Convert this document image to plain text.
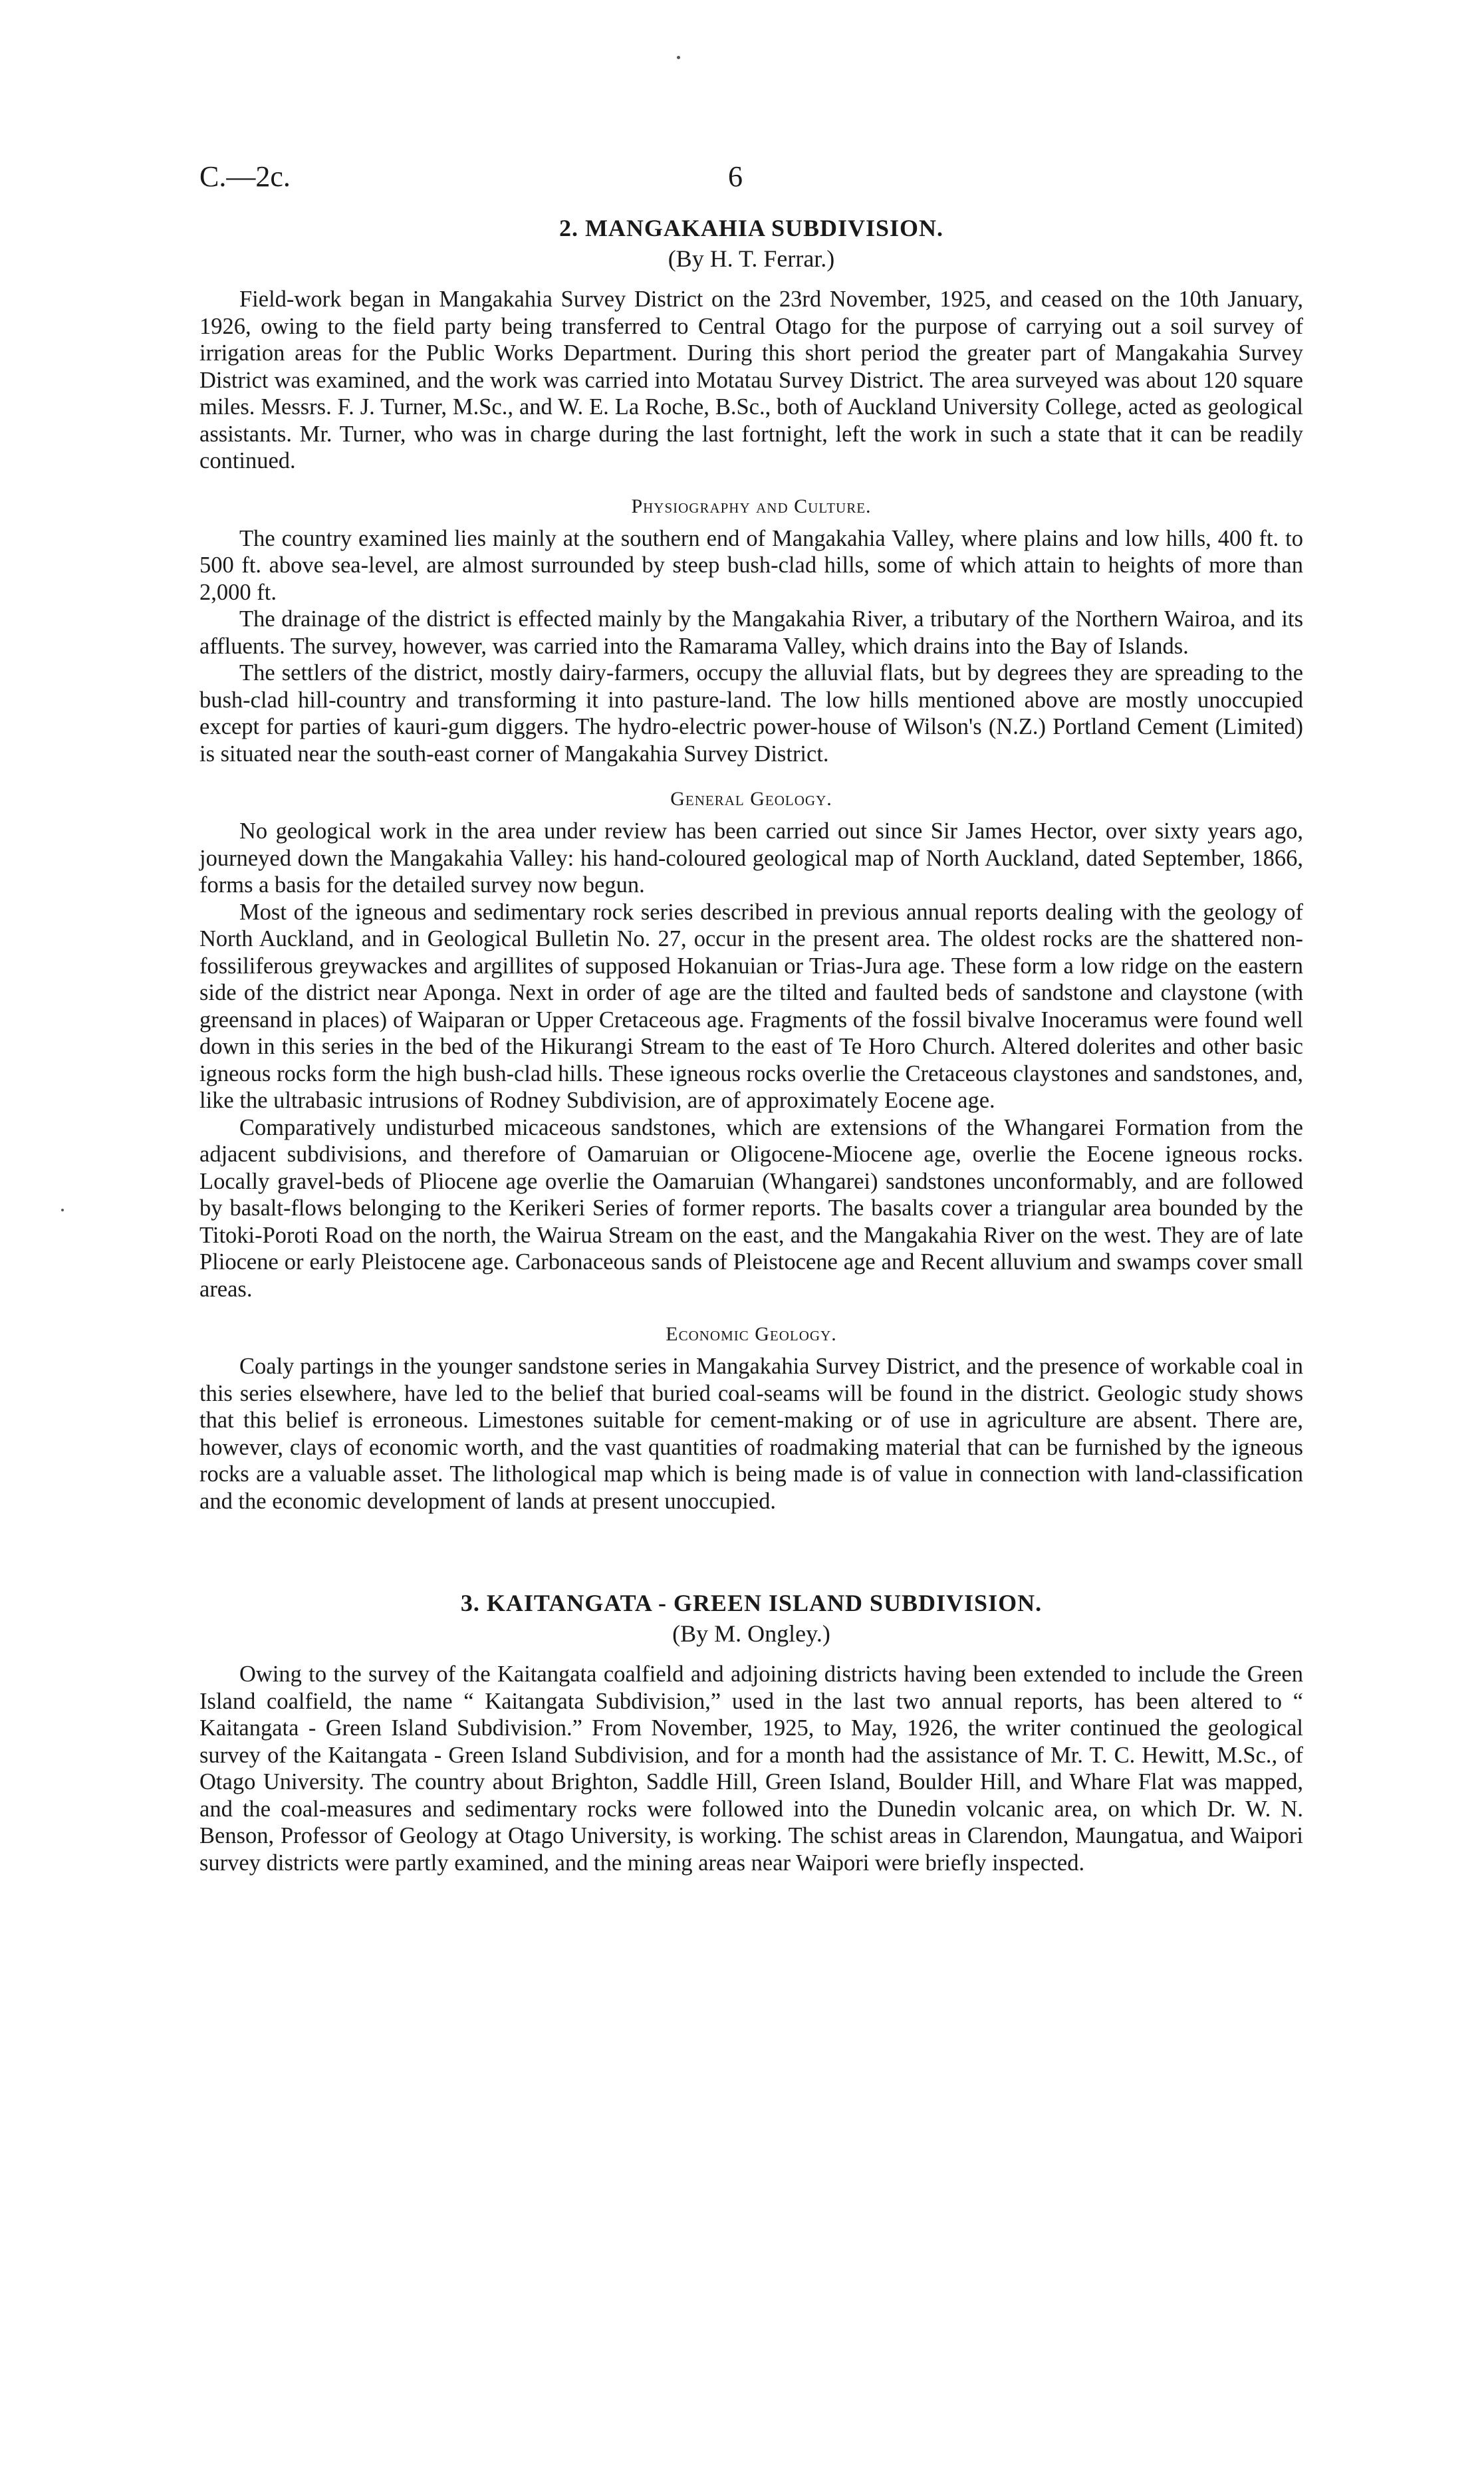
C.—2c.	6
2. MANGAKAHIA SUBDIVISION.
(By H. T. Ferrar.)

Field-work began in Mangakahia Survey District on the 23rd November, 1925, and ceased on the 10th January, 1926, owing to the field party being transferred to Central Otago for the purpose of carrying out a soil survey of irrigation areas for the Public Works Department. During this short period the greater part of Mangakahia Survey District was examined, and the work was carried into Motatau Survey District. The area surveyed was about 120 square miles. Messrs. F. J. Turner, M.Sc., and W. E. La Roche, B.Sc., both of Auckland University College, acted as geological assistants. Mr. Turner, who was in charge during the last fortnight, left the work in such a state that it can be readily continued.

Physiography and Culture.

The country examined lies mainly at the southern end of Mangakahia Valley, where plains and low hills, 400 ft. to 500 ft. above sea-level, are almost surrounded by steep bush-clad hills, some of which attain to heights of more than 2,000 ft.

The drainage of the district is effected mainly by the Mangakahia River, a tributary of the Northern Wairoa, and its affluents. The survey, however, was carried into the Ramarama Valley, which drains into the Bay of Islands.

The settlers of the district, mostly dairy-farmers, occupy the alluvial flats, but by degrees they are spreading to the bush-clad hill-country and transforming it into pasture-land. The low hills mentioned above are mostly unoccupied except for parties of kauri-gum diggers. The hydro-electric power-house of Wilson's (N.Z.) Portland Cement (Limited) is situated near the south-east corner of Mangakahia Survey District.

General Geology.

No geological work in the area under review has been carried out since Sir James Hector, over sixty years ago, journeyed down the Mangakahia Valley: his hand-coloured geological map of North Auckland, dated September, 1866, forms a basis for the detailed survey now begun.

Most of the igneous and sedimentary rock series described in previous annual reports dealing with the geology of North Auckland, and in Geological Bulletin No. 27, occur in the present area. The oldest rocks are the shattered non-fossiliferous greywackes and argillites of supposed Hokanuian or Trias-Jura age. These form a low ridge on the eastern side of the district near Aponga. Next in order of age are the tilted and faulted beds of sandstone and claystone (with greensand in places) of Waiparan or Upper Cretaceous age. Fragments of the fossil bivalve Inoceramus were found well down in this series in the bed of the Hikurangi Stream to the east of Te Horo Church. Altered dolerites and other basic igneous rocks form the high bush-clad hills. These igneous rocks overlie the Cretaceous claystones and sandstones, and, like the ultrabasic intrusions of Rodney Subdivision, are of approximately Eocene age.

Comparatively undisturbed micaceous sandstones, which are extensions of the Whangarei Formation from the adjacent subdivisions, and therefore of Oamaruian or Oligocene-Miocene age, overlie the Eocene igneous rocks. Locally gravel-beds of Pliocene age overlie the Oamaruian (Whangarei) sandstones unconformably, and are followed by basalt-flows belonging to the Kerikeri Series of former reports. The basalts cover a triangular area bounded by the Titoki-Poroti Road on the north, the Wairua Stream on the east, and the Mangakahia River on the west. They are of late Pliocene or early Pleistocene age. Carbonaceous sands of Pleistocene age and Recent alluvium and swamps cover small areas.

Economic Geology.

Coaly partings in the younger sandstone series in Mangakahia Survey District, and the presence of workable coal in this series elsewhere, have led to the belief that buried coal-seams will be found in the district. Geologic study shows that this belief is erroneous. Limestones suitable for cement-making or of use in agriculture are absent. There are, however, clays of economic worth, and the vast quantities of roadmaking material that can be furnished by the igneous rocks are a valuable asset. The lithological map which is being made is of value in connection with land-classification and the economic development of lands at present unoccupied.

3. KAITANGATA - GREEN ISLAND SUBDIVISION.
(By M. Ongley.)

Owing to the survey of the Kaitangata coalfield and adjoining districts having been extended to include the Green Island coalfield, the name “ Kaitangata Subdivision,” used in the last two annual reports, has been altered to “ Kaitangata - Green Island Subdivision.” From November, 1925, to May, 1926, the writer continued the geological survey of the Kaitangata - Green Island Subdivision, and for a month had the assistance of Mr. T. C. Hewitt, M.Sc., of Otago University. The country about Brighton, Saddle Hill, Green Island, Boulder Hill, and Whare Flat was mapped, and the coal-measures and sedimentary rocks were followed into the Dunedin volcanic area, on which Dr. W. N. Benson, Professor of Geology at Otago University, is working. The schist areas in Clarendon, Maungatua, and Waipori survey districts were partly examined, and the mining areas near Waipori were briefly inspected.
